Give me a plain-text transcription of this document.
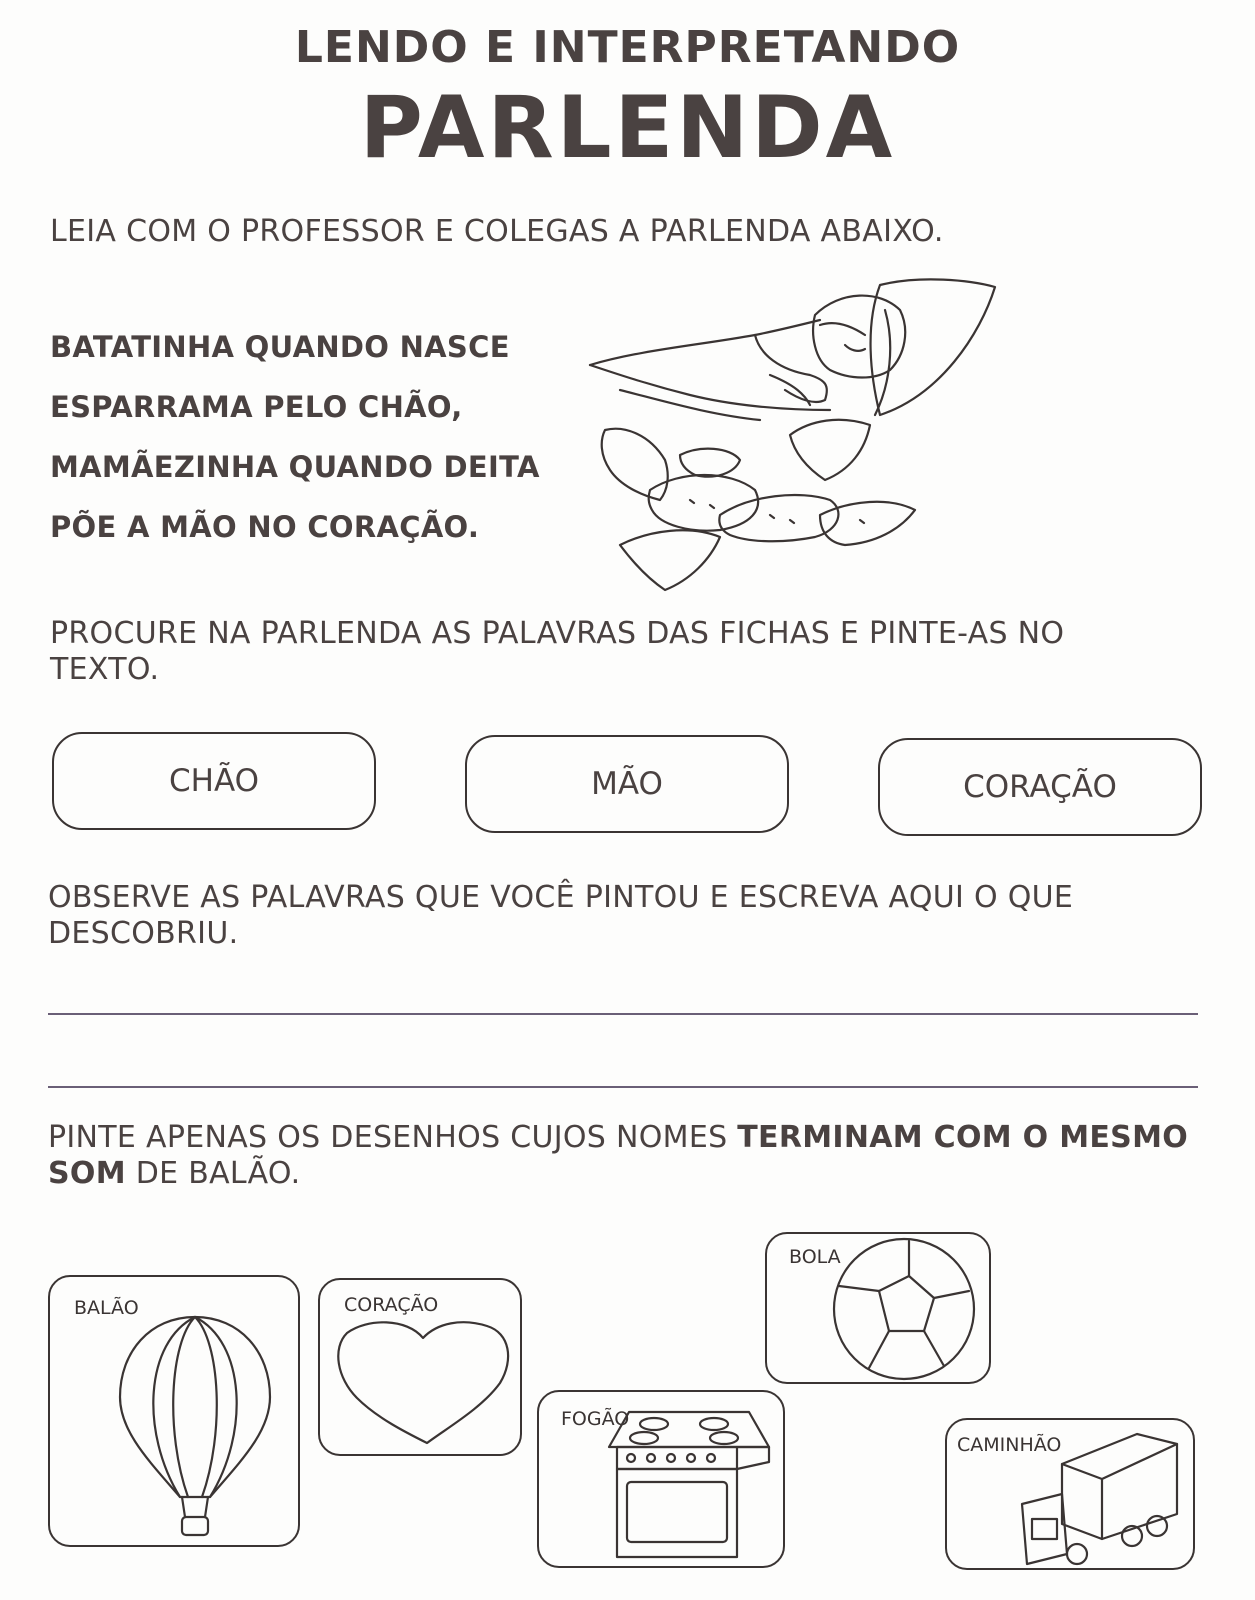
LENDO E INTERPRETANDO
PARLENDA
LEIA COM O PROFESSOR E COLEGAS A PARLENDA ABAIXO.
BATATINHA QUANDO NASCE
ESPARRAMA PELO CHÃO,
MAMÃEZINHA QUANDO DEITA
PÕE A MÃO NO CORAÇÃO.
PROCURE NA PARLENDA AS PALAVRAS DAS FICHAS E PINTE-AS NO
TEXTO.
CHÃO	MÃO	CORAÇÃO
OBSERVE AS PALAVRAS QUE VOCÊ PINTOU E ESCREVA AQUI O QUE
DESCOBRIU.
PINTE APENAS OS DESENHOS CUJOS NOMES TERMINAM COM O MESMO
SOM DE BALÃO.
BALÃO	CORAÇÃO
FOGÃO
BOLA
CAMINHÃO
